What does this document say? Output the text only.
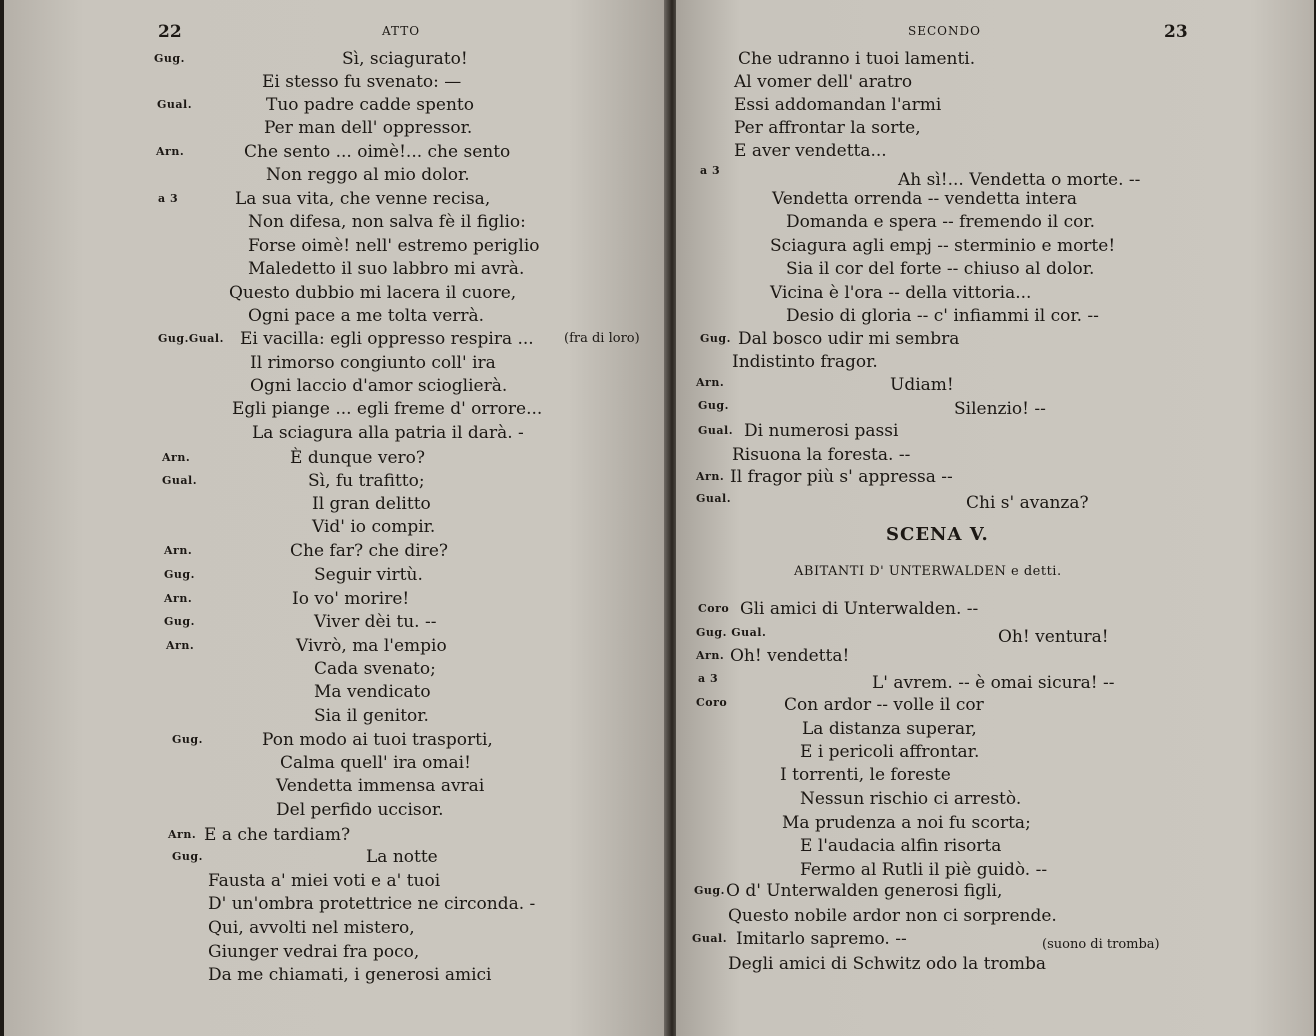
22	ATTO
Gug.	Sì, sciagurato!
Ei stesso fu svenato: —
Gual.	Tuo padre cadde spento
Per man dell' oppressor.
Arn.	Che sento ... oimè!... che sento
Non reggo al mio dolor.
a 3	La sua vita, che venne recisa,
Non difesa, non salva fè il figlio:
Forse oimè! nell' estremo periglio
Maledetto il suo labbro mi avrà.
Questo dubbio mi lacera il cuore,
Ogni pace a me tolta verrà.
Gug.Gual. Ei vacilla: egli oppresso respira ... (fra di loro)
Il rimorso congiunto coll' ira
Ogni laccio d'amor scioglierà.
Egli piange ... egli freme d' orrore...
La sciagura alla patria il darà. -
Arn.	È dunque vero?
Gual.	Sì, fu trafitto;
Il gran delitto
Vid' io compir.
Arn.	Che far? che dire?
Gug.	Seguir virtù.
Arn.	Io vo' morire!
Gug.	Viver dèi tu. --
Arn.	Vivrò, ma l'empio
Cada svenato;
Ma vendicato
Sia il genitor.
Gug.	Pon modo ai tuoi trasporti,
Calma quell' ira omai!
Vendetta immensa avrai
Del perfido uccisor.
Arn. E a che tardiam?
Gug.	La notte
Fausta a' miei voti e a' tuoi
D' un'ombra protettrice ne circonda. -
Qui, avvolti nel mistero,
Giunger vedrai fra poco,
Da me chiamati, i generosi amici
SECONDO	23
Che udranno i tuoi lamenti.
Al vomer dell' aratro
Essi addomandan l'armi
Per affrontar la sorte,
E aver vendetta...
a 3	Ah sì!... Vendetta o morte. --
Vendetta orrenda -- vendetta intera
Domanda e spera -- fremendo il cor.
Sciagura agli empj -- sterminio e morte!
Sia il cor del forte -- chiuso al dolor.
Vicina è l'ora -- della vittoria...
Desio di gloria -- c' infiammi il cor. --
Gug. Dal bosco udir mi sembra
Indistinto fragor.
Arn.	Udiam!
Gug.	Silenzio! --
Gual. Di numerosi passi
Risuona la foresta. --
Arn. Il fragor più s' appressa --
Gual.	Chi s' avanza?
SCENA V.
ABITANTI D' UNTERWALDEN e detti.
Coro Gli amici di Unterwalden. --
Gug. Gual.	Oh! ventura!
Arn. Oh! vendetta!
a 3	L' avrem. -- è omai sicura! --
Coro	Con ardor -- volle il cor
La distanza superar,
E i pericoli affrontar.
I torrenti, le foreste
Nessun rischio ci arrestò.
Ma prudenza a noi fu scorta;
E l'audacia alfin risorta
Fermo al Rutli il piè guidò. --
Gug. O d' Unterwalden generosi figli,
Questo nobile ardor non ci sorprende.
Gual. Imitarlo sapremo. --	(suono di tromba)
Degli amici di Schwitz odo la tromba
